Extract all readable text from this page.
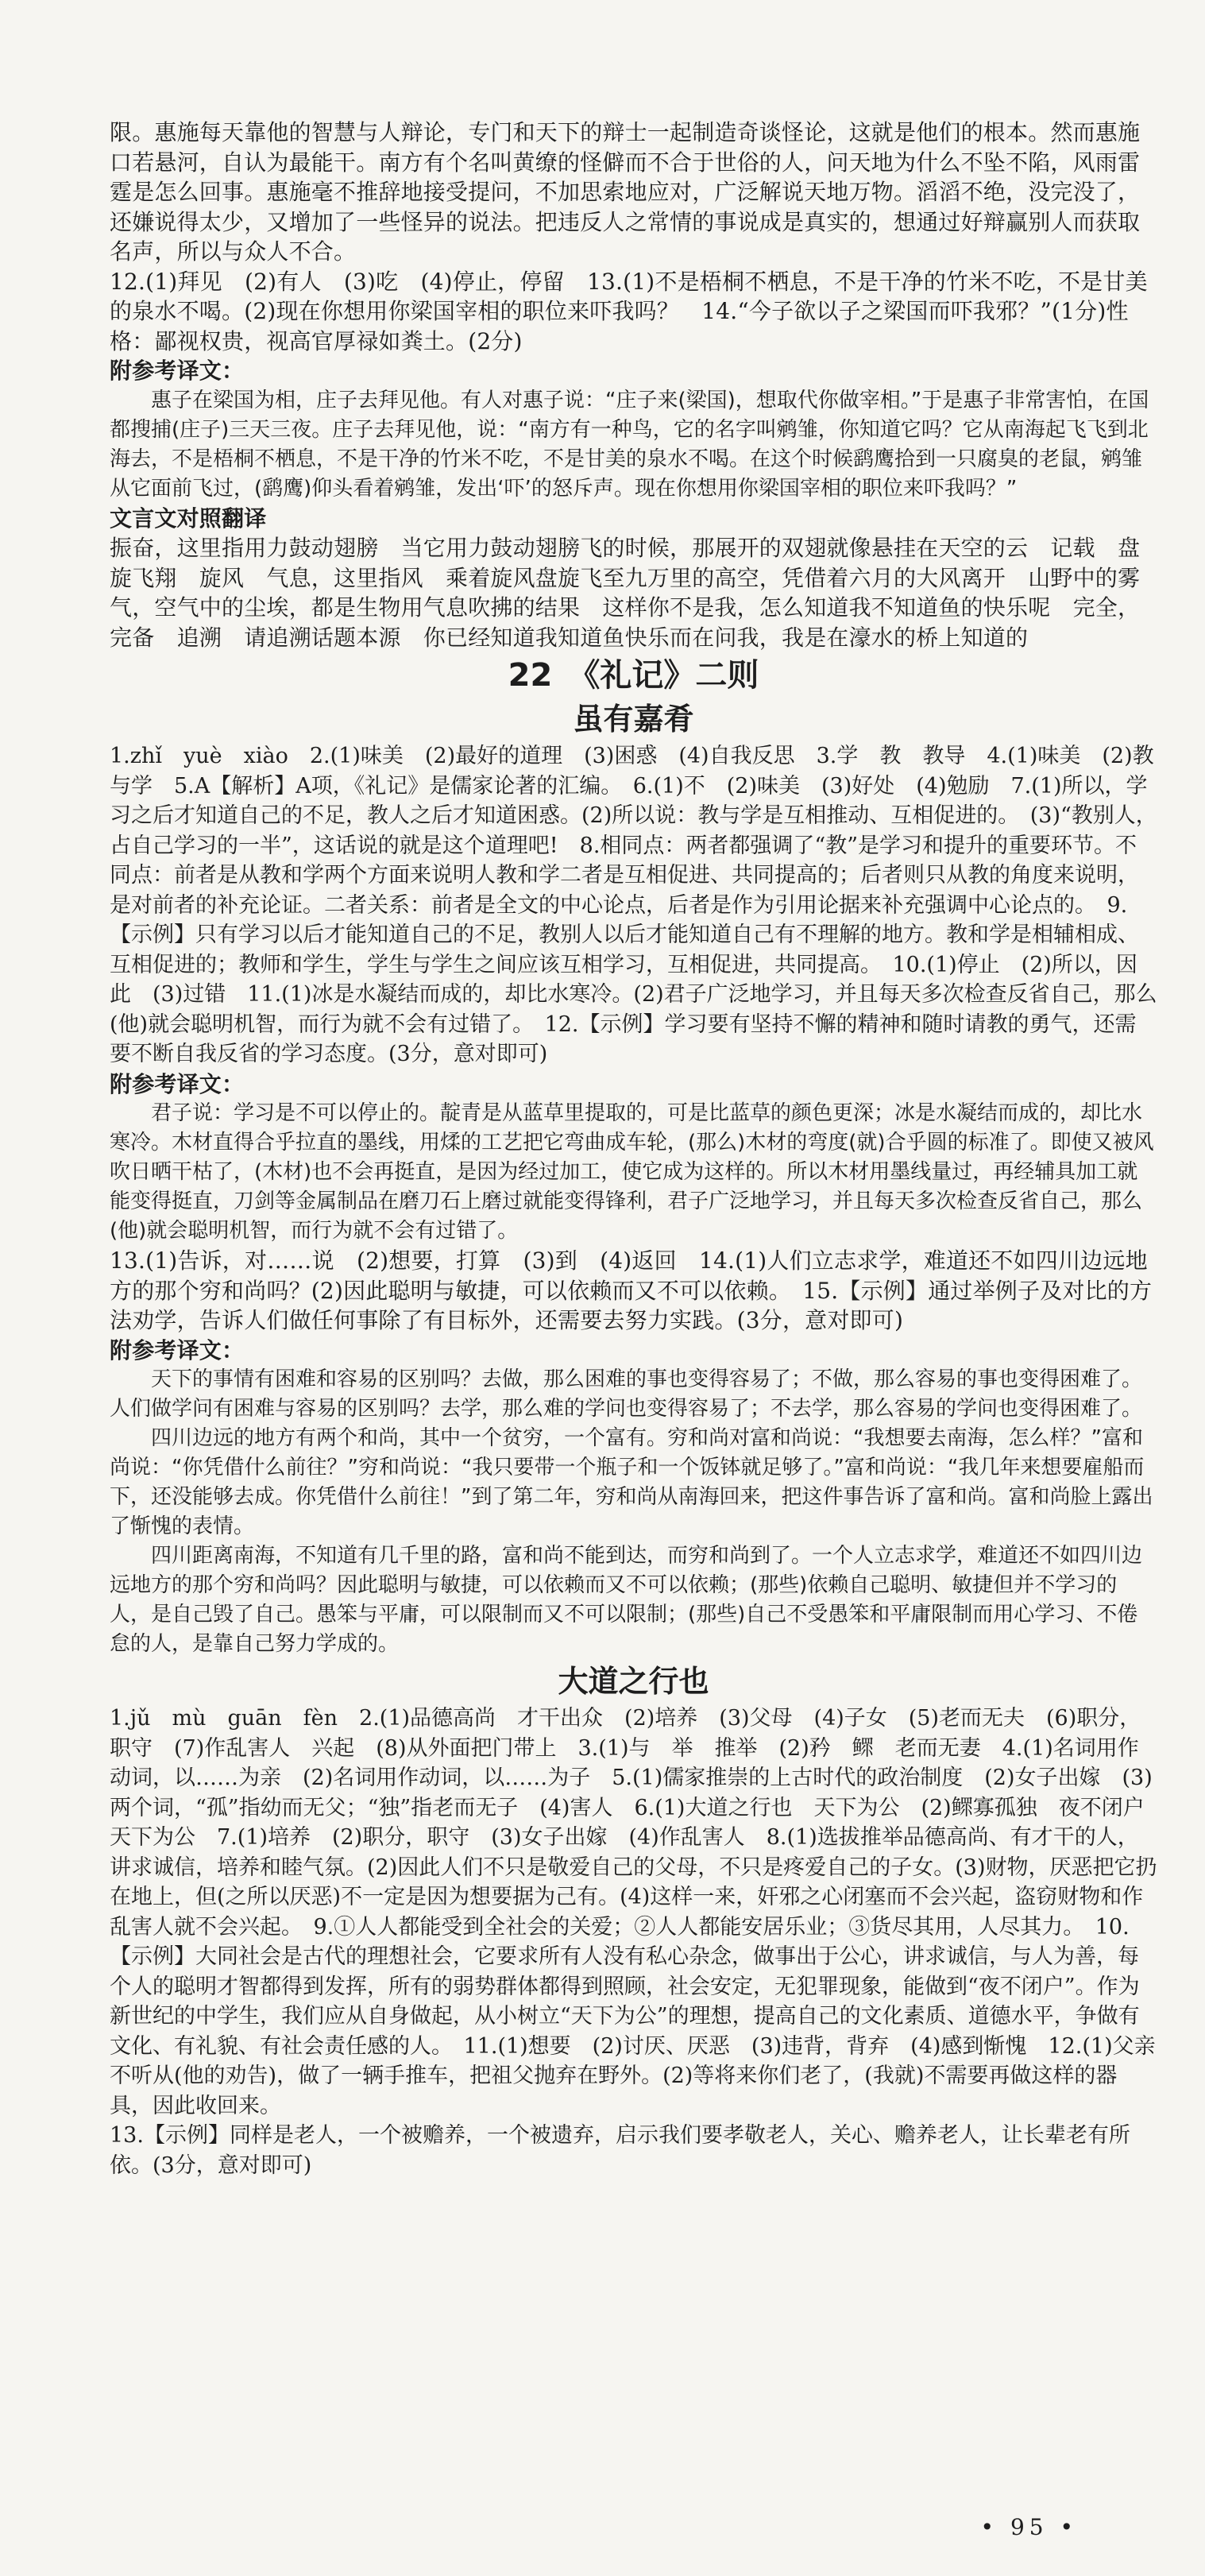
限。惠施每天靠他的智慧与人辩论，专门和天下的辩士一起制造奇谈怪论，这就是他们的根本。然而惠施口若悬河，自认为最能干。南方有个名叫黄缭的怪僻而不合于世俗的人，问天地为什么不坠不陷，风雨雷霆是怎么回事。惠施毫不推辞地接受提问，不加思索地应对，广泛解说天地万物。滔滔不绝，没完没了，还嫌说得太少，又增加了一些怪异的说法。把违反人之常情的事说成是真实的，想通过好辩赢别人而获取名声，所以与众人不合。

12.(1)拜见　(2)有人　(3)吃　(4)停止，停留　13.(1)不是梧桐不栖息，不是干净的竹米不吃，不是甘美的泉水不喝。(2)现在你想用你梁国宰相的职位来吓我吗？　14.“今子欲以子之梁国而吓我邪？”(1分)性格：鄙视权贵，视高官厚禄如粪土。(2分)

附参考译文：

惠子在梁国为相，庄子去拜见他。有人对惠子说：“庄子来(梁国)，想取代你做宰相。”于是惠子非常害怕，在国都搜捕(庄子)三天三夜。庄子去拜见他，说：“南方有一种鸟，它的名字叫鹓雏，你知道它吗？它从南海起飞飞到北海去，不是梧桐不栖息，不是干净的竹米不吃，不是甘美的泉水不喝。在这个时候鹞鹰拾到一只腐臭的老鼠，鹓雏从它面前飞过，(鹞鹰)仰头看着鹓雏，发出‘吓’的怒斥声。现在你想用你梁国宰相的职位来吓我吗？”

文言文对照翻译

振奋，这里指用力鼓动翅膀　当它用力鼓动翅膀飞的时候，那展开的双翅就像悬挂在天空的云　记载　盘旋飞翔　旋风　气息，这里指风　乘着旋风盘旋飞至九万里的高空，凭借着六月的大风离开　山野中的雾气，空气中的尘埃，都是生物用气息吹拂的结果　这样你不是我，怎么知道我不知道鱼的快乐呢　完全，完备　追溯　请追溯话题本源　你已经知道我知道鱼快乐而在问我，我是在濠水的桥上知道的

22　《礼记》二则
虽有嘉肴

1.zhǐ　yuè　xiào　2.(1)味美　(2)最好的道理　(3)困惑　(4)自我反思　3.学　教　教导　4.(1)味美　(2)教与学　5.A【解析】A项，《礼记》是儒家论著的汇编。　6.(1)不　(2)味美　(3)好处　(4)勉励　7.(1)所以，学习之后才知道自己的不足，教人之后才知道困惑。(2)所以说：教与学是互相推动、互相促进的。　(3)“教别人，占自己学习的一半”，这话说的就是这个道理吧!　8.相同点：两者都强调了“教”是学习和提升的重要环节。不同点：前者是从教和学两个方面来说明人教和学二者是互相促进、共同提高的；后者则只从教的角度来说明，是对前者的补充论证。二者关系：前者是全文的中心论点，后者是作为引用论据来补充强调中心论点的。　9.【示例】只有学习以后才能知道自己的不足，教别人以后才能知道自己有不理解的地方。教和学是相辅相成、互相促进的；教师和学生，学生与学生之间应该互相学习，互相促进，共同提高。　10.(1)停止　(2)所以，因此　(3)过错　11.(1)冰是水凝结而成的，却比水寒冷。(2)君子广泛地学习，并且每天多次检查反省自己，那么(他)就会聪明机智，而行为就不会有过错了。　12.【示例】学习要有坚持不懈的精神和随时请教的勇气，还需要不断自我反省的学习态度。(3分，意对即可)

附参考译文：

君子说：学习是不可以停止的。靛青是从蓝草里提取的，可是比蓝草的颜色更深；冰是水凝结而成的，却比水寒冷。木材直得合乎拉直的墨线，用煣的工艺把它弯曲成车轮，(那么)木材的弯度(就)合乎圆的标准了。即使又被风吹日晒干枯了，(木材)也不会再挺直，是因为经过加工，使它成为这样的。所以木材用墨线量过，再经辅具加工就能变得挺直，刀剑等金属制品在磨刀石上磨过就能变得锋利，君子广泛地学习，并且每天多次检查反省自己，那么(他)就会聪明机智，而行为就不会有过错了。

13.(1)告诉，对……说　(2)想要，打算　(3)到　(4)返回　14.(1)人们立志求学，难道还不如四川边远地方的那个穷和尚吗？(2)因此聪明与敏捷，可以依赖而又不可以依赖。　15.【示例】通过举例子及对比的方法劝学，告诉人们做任何事除了有目标外，还需要去努力实践。(3分，意对即可)

附参考译文：

天下的事情有困难和容易的区别吗？去做，那么困难的事也变得容易了；不做，那么容易的事也变得困难了。人们做学问有困难与容易的区别吗？去学，那么难的学问也变得容易了；不去学，那么容易的学问也变得困难了。

四川边远的地方有两个和尚，其中一个贫穷，一个富有。穷和尚对富和尚说：“我想要去南海，怎么样？”富和尚说：“你凭借什么前往？”穷和尚说：“我只要带一个瓶子和一个饭钵就足够了。”富和尚说：“我几年来想要雇船而下，还没能够去成。你凭借什么前往！”到了第二年，穷和尚从南海回来，把这件事告诉了富和尚。富和尚脸上露出了惭愧的表情。

四川距离南海，不知道有几千里的路，富和尚不能到达，而穷和尚到了。一个人立志求学，难道还不如四川边远地方的那个穷和尚吗？因此聪明与敏捷，可以依赖而又不可以依赖；(那些)依赖自己聪明、敏捷但并不学习的人，是自己毁了自己。愚笨与平庸，可以限制而又不可以限制；(那些)自己不受愚笨和平庸限制而用心学习、不倦怠的人，是靠自己努力学成的。

大道之行也

1.jǔ　mù　guān　fèn　2.(1)品德高尚　才干出众　(2)培养　(3)父母　(4)子女　(5)老而无夫　(6)职分，职守　(7)作乱害人　兴起　(8)从外面把门带上　3.(1)与　举　推举　(2)矜　鳏　老而无妻　4.(1)名词用作动词，以……为亲　(2)名词用作动词，以……为子　5.(1)儒家推崇的上古时代的政治制度　(2)女子出嫁　(3)两个词，“孤”指幼而无父；“独”指老而无子　(4)害人　6.(1)大道之行也　天下为公　(2)鳏寡孤独　夜不闭户　天下为公　7.(1)培养　(2)职分，职守　(3)女子出嫁　(4)作乱害人　8.(1)选拔推举品德高尚、有才干的人，讲求诚信，培养和睦气氛。(2)因此人们不只是敬爱自己的父母，不只是疼爱自己的子女。(3)财物，厌恶把它扔在地上，但(之所以厌恶)不一定是因为想要据为己有。(4)这样一来，奸邪之心闭塞而不会兴起，盗窃财物和作乱害人就不会兴起。　9.①人人都能受到全社会的关爱；②人人都能安居乐业；③货尽其用，人尽其力。　10.【示例】大同社会是古代的理想社会，它要求所有人没有私心杂念，做事出于公心，讲求诚信，与人为善，每个人的聪明才智都得到发挥，所有的弱势群体都得到照顾，社会安定，无犯罪现象，能做到“夜不闭户”。作为新世纪的中学生，我们应从自身做起，从小树立“天下为公”的理想，提高自己的文化素质、道德水平，争做有文化、有礼貌、有社会责任感的人。　11.(1)想要　(2)讨厌、厌恶　(3)违背，背弃　(4)感到惭愧　12.(1)父亲不听从(他的劝告)，做了一辆手推车，把祖父抛弃在野外。(2)等将来你们老了，(我就)不需要再做这样的器具，因此收回来。

13.【示例】同样是老人，一个被赡养，一个被遗弃，启示我们要孝敬老人，关心、赡养老人，让长辈老有所依。(3分，意对即可)

• 95 •
